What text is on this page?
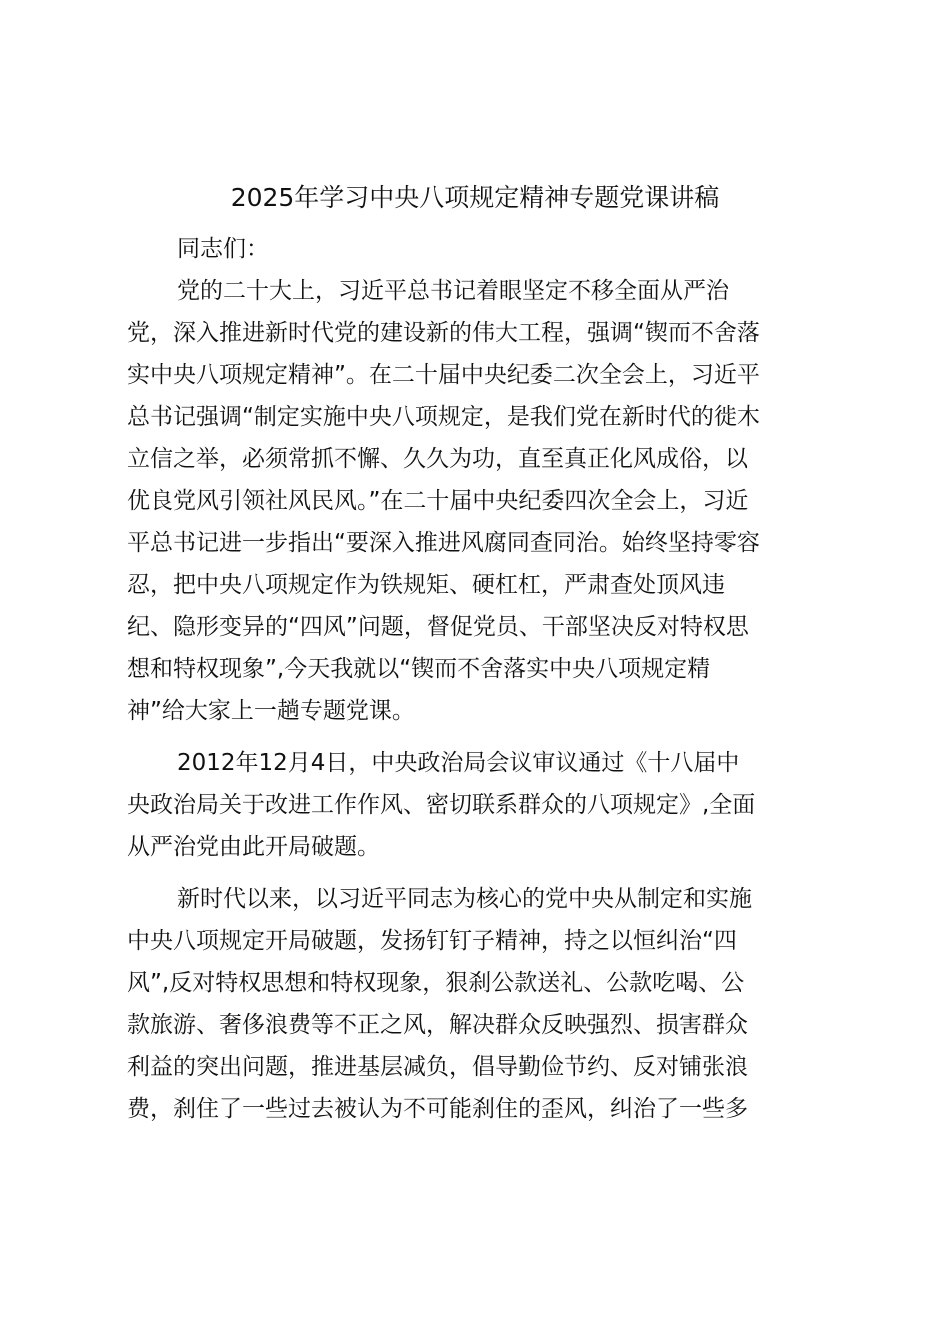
2025年学习中央八项规定精神专题党课讲稿
同志们：
党的二十大上，习近平总书记着眼坚定不移全面从严治
党，深入推进新时代党的建设新的伟大工程，强调“锲而不舍落
实中央八项规定精神”。在二十届中央纪委二次全会上，习近平
总书记强调“制定实施中央八项规定，是我们党在新时代的徙木
立信之举，必须常抓不懈、久久为功，直至真正化风成俗，以
优良党风引领社风民风。”在二十届中央纪委四次全会上，习近
平总书记进一步指出“要深入推进风腐同查同治。始终坚持零容
忍，把中央八项规定作为铁规矩、硬杠杠，严肃查处顶风违
纪、隐形变异的“四风”问题，督促党员、干部坚决反对特权思
想和特权现象”,今天我就以“锲而不舍落实中央八项规定精
神”给大家上一趟专题党课。
2012年12月4日，中央政治局会议审议通过《十八届中
央政治局关于改进工作作风、密切联系群众的八项规定》,全面
从严治党由此开局破题。
新时代以来，以习近平同志为核心的党中央从制定和实施
中央八项规定开局破题，发扬钉钉子精神，持之以恒纠治“四
风”,反对特权思想和特权现象，狠刹公款送礼、公款吃喝、公
款旅游、奢侈浪费等不正之风，解决群众反映强烈、损害群众
利益的突出问题，推进基层减负，倡导勤俭节约、反对铺张浪
费，刹住了一些过去被认为不可能刹住的歪风，纠治了一些多
